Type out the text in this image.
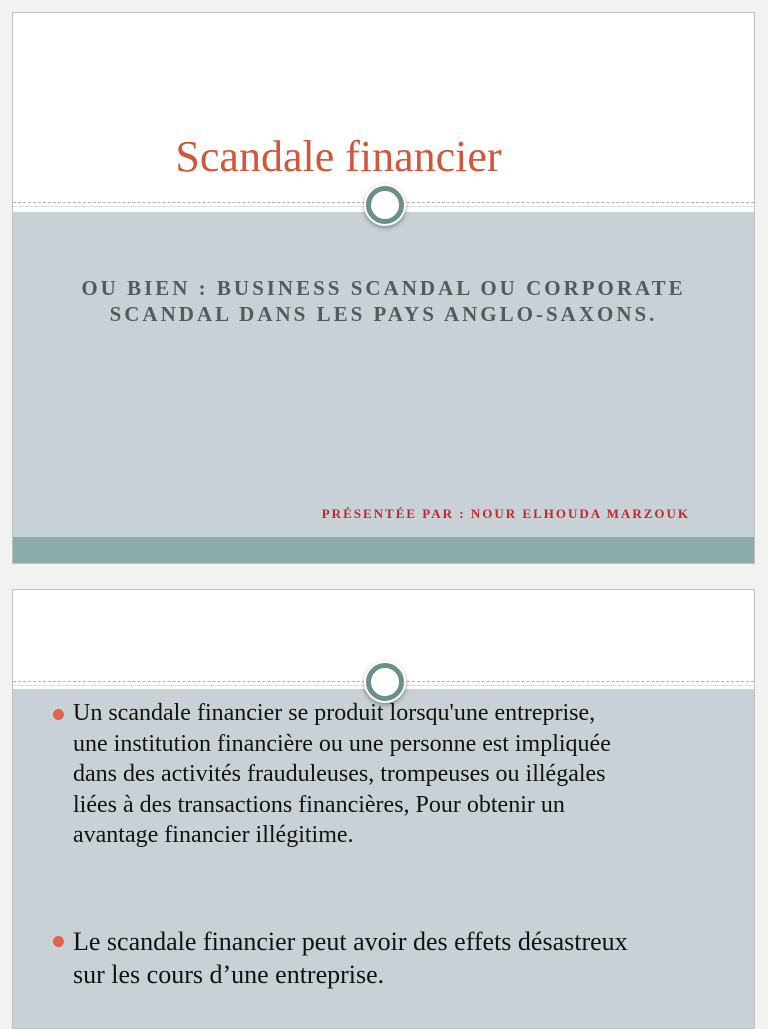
Scandale financier
OU BIEN : BUSINESS SCANDAL OU CORPORATE
SCANDAL DANS LES PAYS ANGLO-SAXONS.
PRÉSENTÉE PAR : NOUR ELHOUDA MARZOUK
Un scandale financier se produit lorsqu'une entreprise,
une institution financière ou une personne est impliquée
dans des activités frauduleuses, trompeuses ou illégales
liées à des transactions financières, Pour obtenir un
avantage financier illégitime.
Le scandale financier peut avoir des effets désastreux
sur les cours d’une entreprise.
